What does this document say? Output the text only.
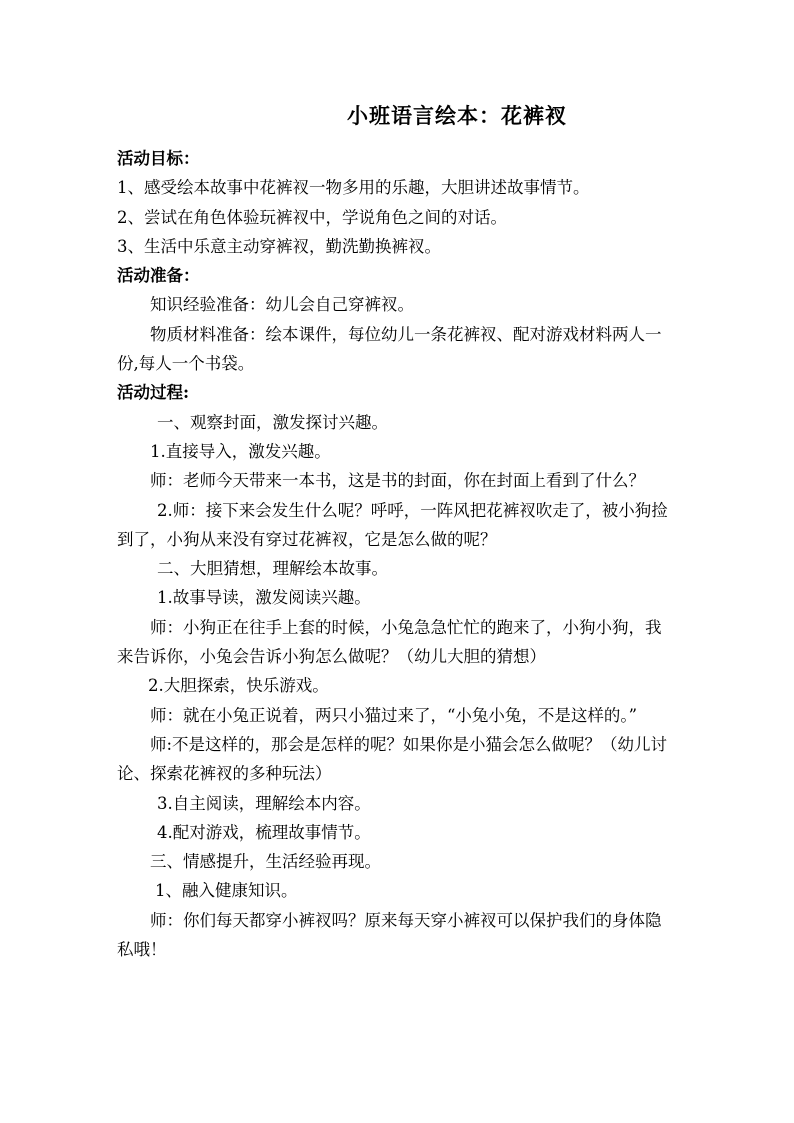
小班语言绘本：花裤衩

活动目标：

1、感受绘本故事中花裤衩一物多用的乐趣，大胆讲述故事情节。

2、尝试在角色体验玩裤衩中，学说角色之间的对话。

3、生活中乐意主动穿裤衩，勤洗勤换裤衩。

活动准备：

知识经验准备：幼儿会自己穿裤衩。

物质材料准备：绘本课件，每位幼儿一条花裤衩、配对游戏材料两人一份,每人一个书袋。

活动过程:

一、观察封面，激发探讨兴趣。

1.直接导入，激发兴趣。

师：老师今天带来一本书，这是书的封面，你在封面上看到了什么？

2.师：接下来会发生什么呢？呼呼，一阵风把花裤衩吹走了，被小狗捡到了，小狗从来没有穿过花裤衩，它是怎么做的呢？

二、大胆猜想，理解绘本故事。

1.故事导读，激发阅读兴趣。

师：小狗正在往手上套的时候，小兔急急忙忙的跑来了，小狗小狗，我来告诉你，小兔会告诉小狗怎么做呢？（幼儿大胆的猜想）

2.大胆探索，快乐游戏。

师：就在小兔正说着，两只小猫过来了，“小兔小兔，不是这样的。”

师:不是这样的，那会是怎样的呢？如果你是小猫会怎么做呢？（幼儿讨论、探索花裤衩的多种玩法）

3.自主阅读，理解绘本内容。

4.配对游戏，梳理故事情节。

三、情感提升，生活经验再现。

1、融入健康知识。

师：你们每天都穿小裤衩吗？原来每天穿小裤衩可以保护我们的身体隐私哦！
